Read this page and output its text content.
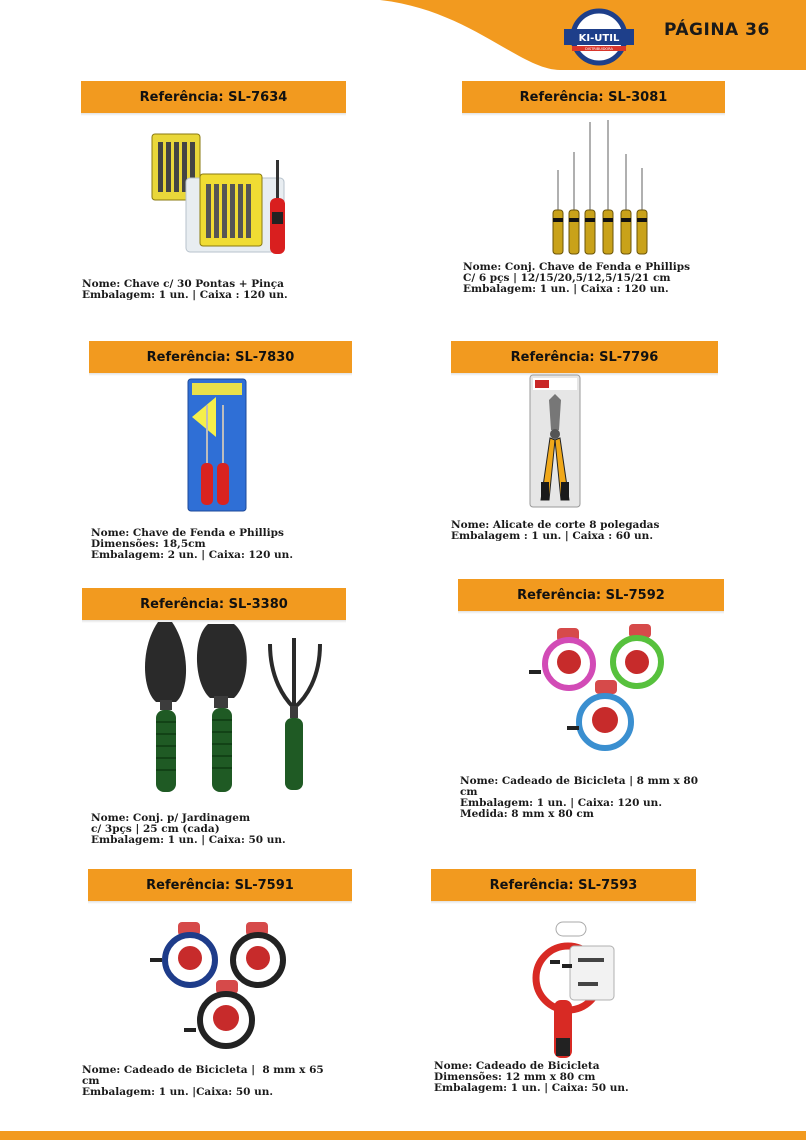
KI-UTIL
DISTRIBUIDORA
PÁGINA 36
Referência: SL-7634
Nome: Chave c/ 30 Pontas + Pinça
Embalagem: 1 un. | Caixa : 120 un.
Referência: SL-3081
Nome: Conj. Chave de Fenda e Phillips
C/ 6 pçs | 12/15/20,5/12,5/15/21 cm
Embalagem: 1 un. | Caixa : 120 un.
Referência: SL-7830
Nome: Chave de Fenda e Phillips
Dimensões: 18,5cm
Embalagem: 2 un. | Caixa: 120 un.
Referência: SL-7796
Nome: Alicate de corte 8 polegadas
Embalagem : 1 un. | Caixa : 60 un.
Referência: SL-3380
Nome: Conj. p/ Jardinagem
c/ 3pçs | 25 cm (cada)
Embalagem: 1 un. | Caixa: 50 un.
Referência: SL-7592
Nome: Cadeado de Bicicleta | 8 mm x 80
cm
Embalagem: 1 un. | Caixa: 120 un.
Medida: 8 mm x 80 cm
Referência: SL-7591
Nome: Cadeado de Bicicleta |  8 mm x 65
cm
Embalagem: 1 un. |Caixa: 50 un.
Referência: SL-7593
Nome: Cadeado de Bicicleta
Dimensões: 12 mm x 80 cm
Embalagem: 1 un. | Caixa: 50 un.
